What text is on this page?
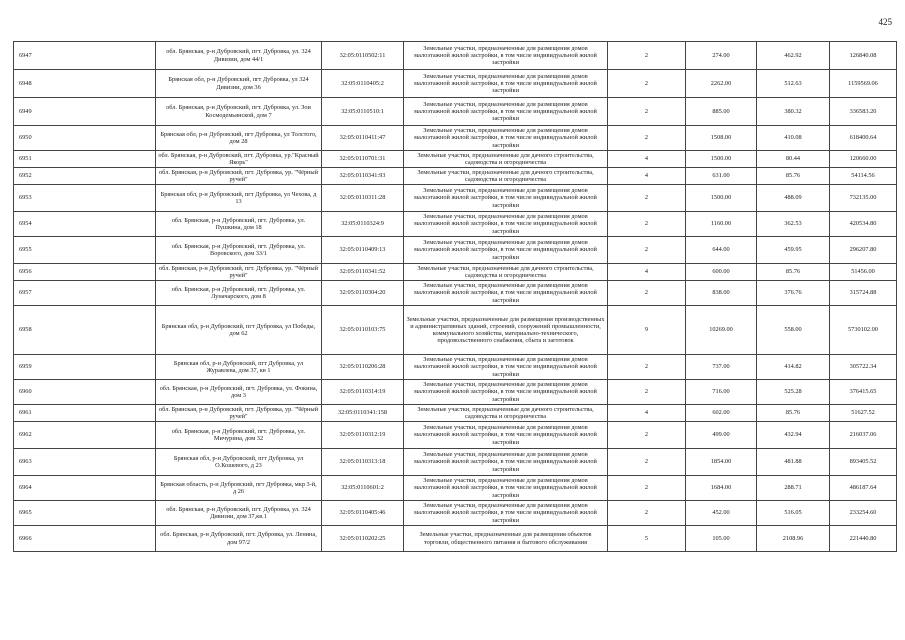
425
6947	обл. Брянская, р-н Дубровский, пгт. Дубровка, ул. 324 Дивизии, дом 44/1	32:05:0110502:11	Земельные участки, предназначенные для размещения домов малоэтажной жилой застройки, в том числе индивидуальной жилой застройки	2	274.00	462.92	126840.08
6948	Брянская обл, р-н Дубровский, пгт Дубровка, ул 324 Дивизии, дом 36	32:05:0110405:2	Земельные участки, предназначенные для размещения домов малоэтажной жилой застройки, в том числе индивидуальной жилой застройки	2	2262.00	512.63	1159569.06
6949	обл. Брянская, р-н Дубровский, пгт. Дубровка, ул. Зои Космодемьянской, дом 7	32:05:0110510:1	Земельные участки, предназначенные для размещения домов малоэтажной жилой застройки, в том числе индивидуальной жилой застройки	2	885.00	380.32	336583.20
6950	Брянская обл, р-н Дубровский, пгт Дубровка, ул Толстого, дом 28	32:05:0110411:47	Земельные участки, предназначенные для размещения домов малоэтажной жилой застройки, в том числе индивидуальной жилой застройки	2	1508.00	410.08	618400.64
6951	обл. Брянская, р-н Дубровский, пгт. Дубровка, ур."Красный Якорь"	32:05:0110701:31	Земельные участки, предназначенные для дачного строительства, садоводства и огородничества	4	1500.00	80.44	120660.00
6952	обл. Брянская, р-н Дубровский, пгт. Дубровка, ур. "Чёрный ручей"	32:05:0110341:93	Земельные участки, предназначенные для дачного строительства, садоводства и огородничества	4	631.00	85.76	54114.56
6953	Брянская обл, р-н Дубровский, пгт Дубровка, ул Чехова, д 13	32:05:0110311:28	Земельные участки, предназначенные для размещения домов малоэтажной жилой застройки, в том числе индивидуальной жилой застройки	2	1500.00	488.09	732135.00
6954	обл. Брянская, р-н Дубровский, пгт. Дубровка, ул. Пушкина, дом 18	32:05:0110324:9	Земельные участки, предназначенные для размещения домов малоэтажной жилой застройки, в том числе индивидуальной жилой застройки	2	1160.00	362.53	420534.80
6955	обл. Брянская, р-н Дубровский, пгт. Дубровка, ул. Воровского, дом 33/1	32:05:0110409:13	Земельные участки, предназначенные для размещения домов малоэтажной жилой застройки, в том числе индивидуальной жилой застройки	2	644.00	459.95	296207.80
6956	обл. Брянская, р-н Дубровский, пгт. Дубровка, ур. "Чёрный ручей"	32:05:0110341:52	Земельные участки, предназначенные для дачного строительства, садоводства и огородничества	4	600.00	85.76	51456.00
6957	обл. Брянская, р-н Дубровский, пгт. Дубровка, ул. Луначарского, дом 8	32:05:0110304:20	Земельные участки, предназначенные для размещения домов малоэтажной жилой застройки, в том числе индивидуальной жилой застройки	2	838.00	376.76	315724.88
6958	Брянская обл, р-н Дубровский, пгт Дубровка, ул Победы, дом 62	32:05:0110103:75	Земельные участки, предназначенные для размещения производственных и административных зданий, строений, сооружений промышленности, коммунального хозяйства, материально-технического, продовольственного снабжения, сбыта и заготовок	9	10269.00	558.00	5730102.00
6959	Брянская обл, р-н Дубровский, пгт Дубровка, ул Журавлева, дом 37, кв 1	32:05:0110206:28	Земельные участки, предназначенные для размещения домов малоэтажной жилой застройки, в том числе индивидуальной жилой застройки	2	737.00	414.82	305722.34
6960	обл. Брянская, р-н Дубровский, пгт. Дубровка, ул. Фокина, дом 3	32:05:0110314:19	Земельные участки, предназначенные для размещения домов малоэтажной жилой застройки, в том числе индивидуальной жилой застройки	2	716.00	525.28	376415.65
6961	обл. Брянская, р-н Дубровский, пгт. Дубровка, ур. "Чёрный ручей"	32:05:0110341:158	Земельные участки, предназначенные для дачного строительства, садоводства и огородничества	4	602.00	85.76	51627.52
6962	обл. Брянская, р-н Дубровский, пгт. Дубровка, ул. Мичурина, дом 32	32:05:0110312:19	Земельные участки, предназначенные для размещения домов малоэтажной жилой застройки, в том числе индивидуальной жилой застройки	2	499.00	432.94	216037.06
6963	Брянская обл, р-н Дубровский, пгт Дубровка, ул О.Кошевого, д 23	32:05:0110313:18	Земельные участки, предназначенные для размещения домов малоэтажной жилой застройки, в том числе индивидуальной жилой застройки	2	1854.00	481.88	893405.52
6964	Брянская область, р-н Дубровский, пгт Дубровка, мкр 3-й, д 26	32:05:0110601:2	Земельные участки, предназначенные для размещения домов малоэтажной жилой застройки, в том числе индивидуальной жилой застройки	2	1684.00	288.71	486187.64
6965	обл. Брянская, р-н Дубровский, пгт. Дубровка, ул. 324 Дивизии, дом 37,кв.1	32:05:0110405:46	Земельные участки, предназначенные для размещения домов малоэтажной жилой застройки, в том числе индивидуальной жилой застройки	2	452.00	516.05	233254.60
6966	обл. Брянская, р-н Дубровский, пгт. Дубровка, ул. Ленина, дом 97/2	32:05:0110202:25	Земельные участки, предназначенные для размещения объектов торговли, общественного питания и бытового обслуживания	5	105.00	2108.96	221440.80
